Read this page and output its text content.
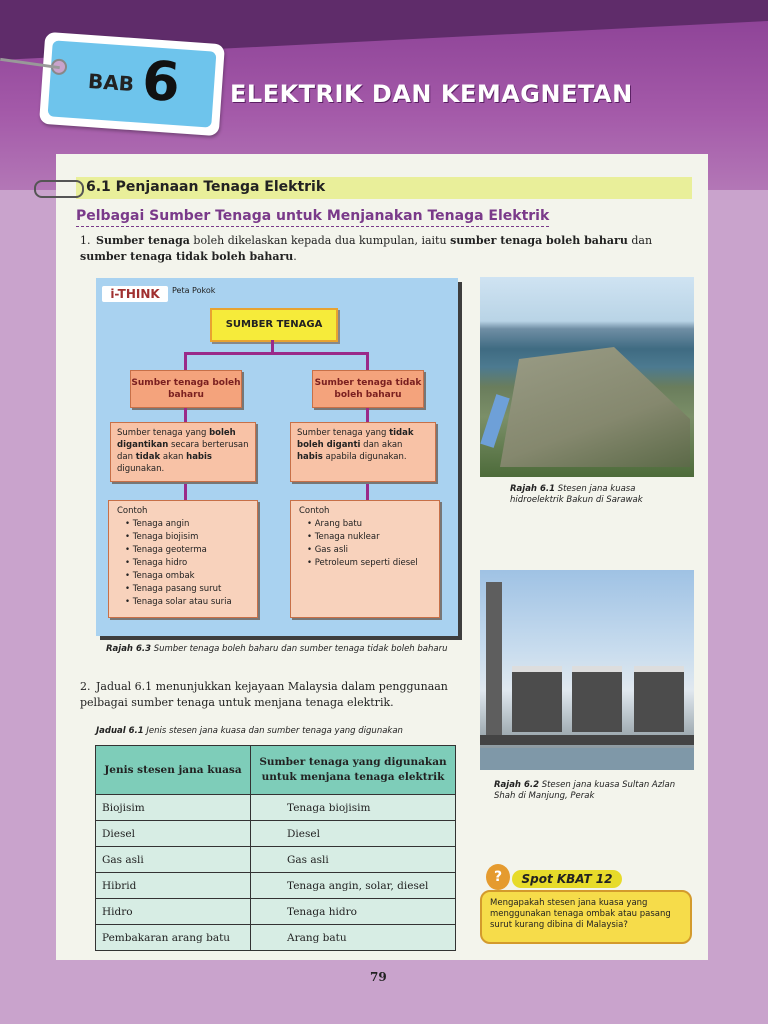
BAB 6 ELEKTRIK DAN KEMAGNETAN
6.1 Penjanaan Tenaga Elektrik
Pelbagai Sumber Tenaga untuk Menjanakan Tenaga Elektrik

1. Sumber tenaga boleh dikelaskan kepada dua kumpulan, iaitu sumber tenaga boleh baharu dan sumber tenaga tidak boleh baharu.

i-THINK	Peta Pokok
SUMBER TENAGA
Sumber tenaga boleh baharu
Sumber tenaga tidak boleh baharu
Sumber tenaga yang boleh digantikan secara berterusan dan tidak akan habis digunakan.
Sumber tenaga yang tidak boleh diganti dan akan habis apabila digunakan.
Contoh
• Tenaga angin
• Tenaga biojisim
• Tenaga geoterma
• Tenaga hidro
• Tenaga ombak
• Tenaga pasang surut
• Tenaga solar atau suria
Contoh
• Arang batu
• Tenaga nuklear
• Gas asli
• Petroleum seperti diesel

Rajah 6.3 Sumber tenaga boleh baharu dan sumber tenaga tidak boleh baharu

Rajah 6.1 Stesen jana kuasa hidroelektrik Bakun di Sarawak

Rajah 6.2 Stesen jana kuasa Sultan Azlan Shah di Manjung, Perak

2. Jadual 6.1 menunjukkan kejayaan Malaysia dalam penggunaan pelbagai sumber tenaga untuk menjana tenaga elektrik.

Jadual 6.1 Jenis stesen jana kuasa dan sumber tenaga yang digunakan

Jenis stesen jana kuasa	Sumber tenaga yang digunakan untuk menjana tenaga elektrik
Biojisim	Tenaga biojisim
Diesel	Diesel
Gas asli	Gas asli
Hibrid	Tenaga angin, solar, diesel
Hidro	Tenaga hidro
Pembakaran arang batu	Arang batu
?	Spot KBAT 12
Mengapakah stesen jana kuasa yang menggunakan tenaga ombak atau pasang surut kurang dibina di Malaysia?
79
